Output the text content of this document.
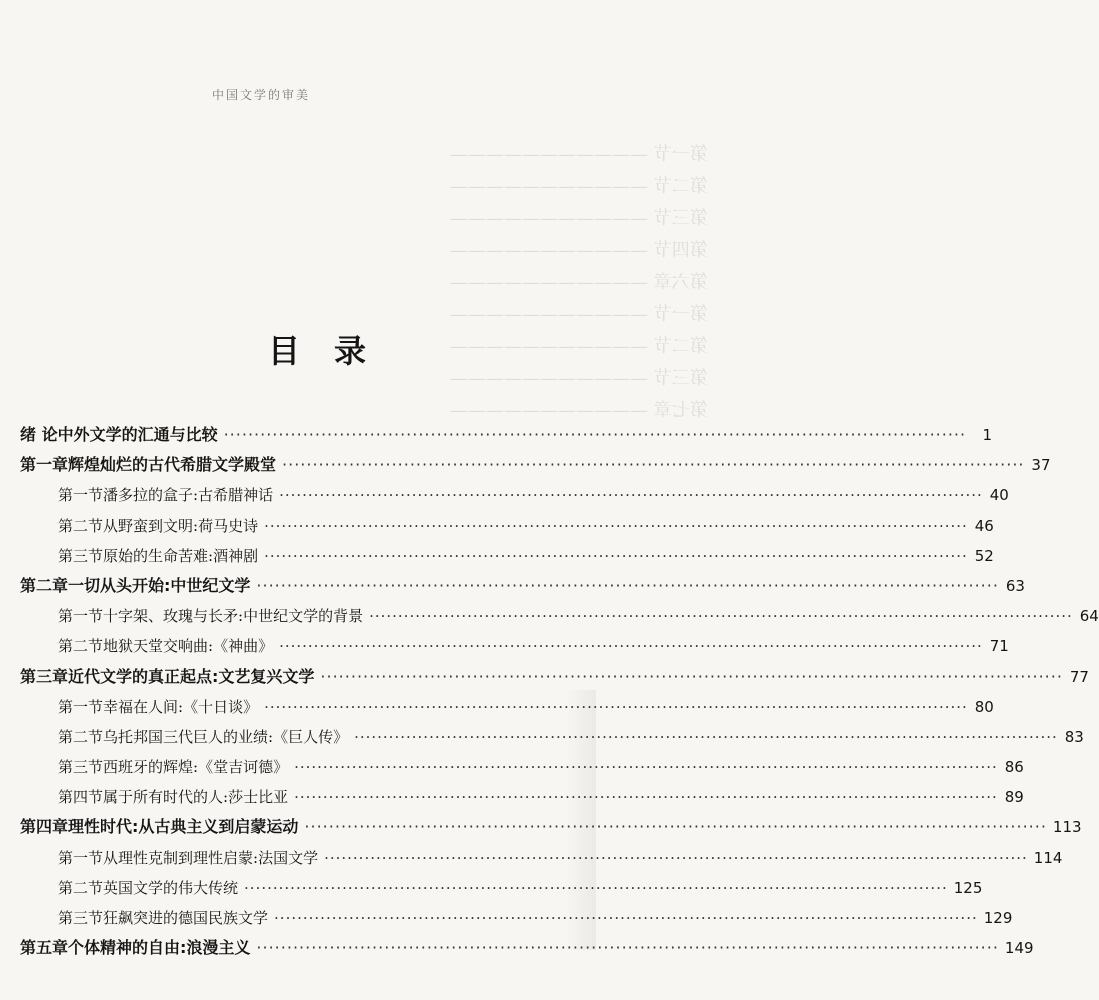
中国文学的审美
第一节 ———————————
第二节 ———————————
第三节 ———————————
第四节 ———————————
第六章 ———————————
第一节 ———————————
第二节 ———————————
第三节 ———————————
第七章 ———————————
目录
绪 论 中外文学的汇通与比较 ·····	1
第一章 辉煌灿烂的古代希腊文学殿堂 ·····	37
第一节 潘多拉的盒子:古希腊神话 ·····	40
第二节 从野蛮到文明:荷马史诗 ·····	46
第三节 原始的生命苦难:酒神剧 ·····	52
第二章 一切从头开始:中世纪文学 ·····	63
第一节 十字架、玫瑰与长矛:中世纪文学的背景 ·····	64
第二节 地狱天堂交响曲:《神曲》 ·····	71
第三章 近代文学的真正起点:文艺复兴文学 ·····	77
第一节 幸福在人间:《十日谈》 ·····	80
第二节 乌托邦国三代巨人的业绩:《巨人传》 ·····	83
第三节 西班牙的辉煌:《堂吉诃德》 ·····	86
第四节 属于所有时代的人:莎士比亚 ·····	89
第四章 理性时代:从古典主义到启蒙运动 ·····	113
第一节 从理性克制到理性启蒙:法国文学 ·····	114
第二节 英国文学的伟大传统 ·····	125
第三节 狂飙突进的德国民族文学 ·····	129
第五章 个体精神的自由:浪漫主义 ·····	149
